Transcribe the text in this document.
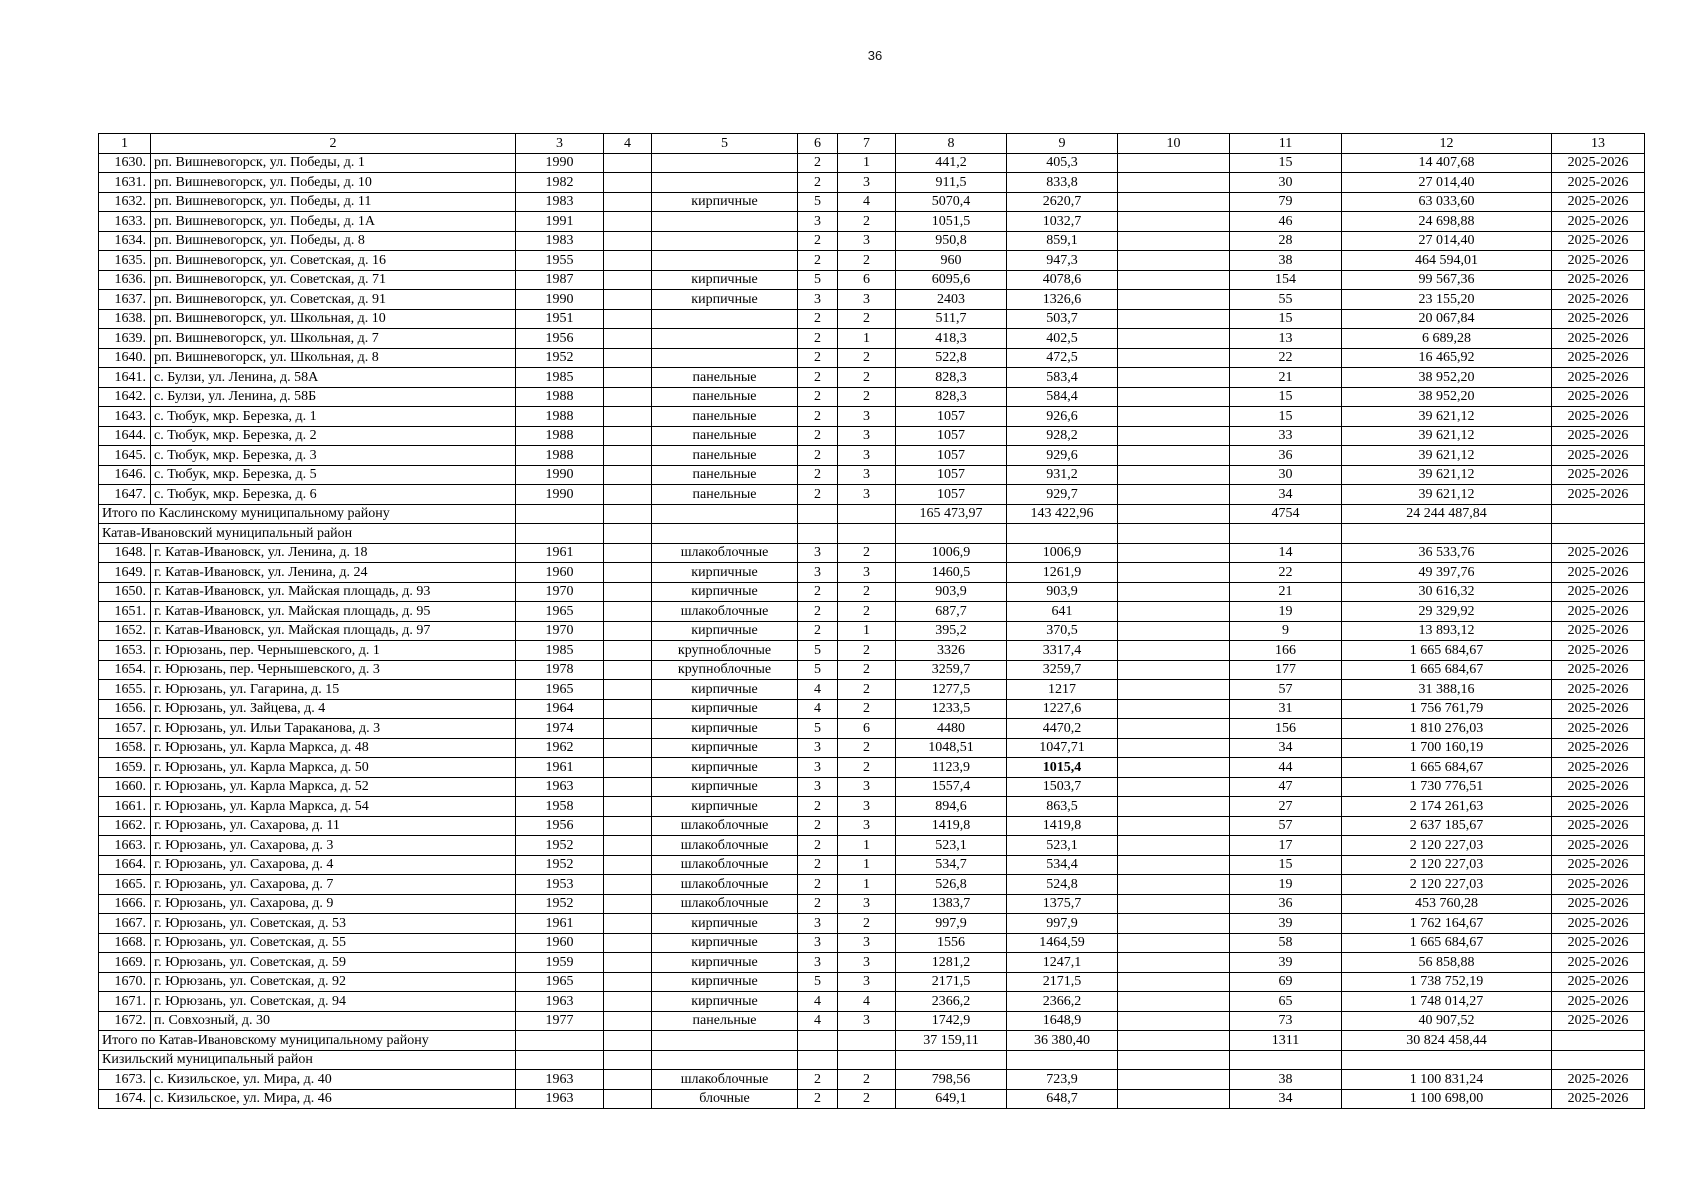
36
1	2	3	4	5	6	7	8	9	10	11	12	13
1630.	рп. Вишневогорск, ул. Победы, д. 1	1990			2	1	441,2	405,3		15	14 407,68	2025-2026
1631.	рп. Вишневогорск, ул. Победы, д. 10	1982			2	3	911,5	833,8		30	27 014,40	2025-2026
1632.	рп. Вишневогорск, ул. Победы, д. 11	1983		кирпичные	5	4	5070,4	2620,7		79	63 033,60	2025-2026
1633.	рп. Вишневогорск, ул. Победы, д. 1А	1991			3	2	1051,5	1032,7		46	24 698,88	2025-2026
1634.	рп. Вишневогорск, ул. Победы, д. 8	1983			2	3	950,8	859,1		28	27 014,40	2025-2026
1635.	рп. Вишневогорск, ул. Советская, д. 16	1955			2	2	960	947,3		38	464 594,01	2025-2026
1636.	рп. Вишневогорск, ул. Советская, д. 71	1987		кирпичные	5	6	6095,6	4078,6		154	99 567,36	2025-2026
1637.	рп. Вишневогорск, ул. Советская, д. 91	1990		кирпичные	3	3	2403	1326,6		55	23 155,20	2025-2026
1638.	рп. Вишневогорск, ул. Школьная, д. 10	1951			2	2	511,7	503,7		15	20 067,84	2025-2026
1639.	рп. Вишневогорск, ул. Школьная, д. 7	1956			2	1	418,3	402,5		13	6 689,28	2025-2026
1640.	рп. Вишневогорск, ул. Школьная, д. 8	1952			2	2	522,8	472,5		22	16 465,92	2025-2026
1641.	с. Булзи, ул. Ленина, д. 58А	1985		панельные	2	2	828,3	583,4		21	38 952,20	2025-2026
1642.	с. Булзи, ул. Ленина, д. 58Б	1988		панельные	2	2	828,3	584,4		15	38 952,20	2025-2026
1643.	с. Тюбук, мкр. Березка, д. 1	1988		панельные	2	3	1057	926,6		15	39 621,12	2025-2026
1644.	с. Тюбук, мкр. Березка, д. 2	1988		панельные	2	3	1057	928,2		33	39 621,12	2025-2026
1645.	с. Тюбук, мкр. Березка, д. 3	1988		панельные	2	3	1057	929,6		36	39 621,12	2025-2026
1646.	с. Тюбук, мкр. Березка, д. 5	1990		панельные	2	3	1057	931,2		30	39 621,12	2025-2026
1647.	с. Тюбук, мкр. Березка, д. 6	1990		панельные	2	3	1057	929,7		34	39 621,12	2025-2026
Итого по Каслинскому муниципальному району							165 473,97	143 422,96		4754	24 244 487,84	
Катав-Ивановский муниципальный район												
1648.	г. Катав-Ивановск, ул. Ленина, д. 18	1961		шлакоблочные	3	2	1006,9	1006,9		14	36 533,76	2025-2026
1649.	г. Катав-Ивановск, ул. Ленина, д. 24	1960		кирпичные	3	3	1460,5	1261,9		22	49 397,76	2025-2026
1650.	г. Катав-Ивановск, ул. Майская площадь, д. 93	1970		кирпичные	2	2	903,9	903,9		21	30 616,32	2025-2026
1651.	г. Катав-Ивановск, ул. Майская площадь, д. 95	1965		шлакоблочные	2	2	687,7	641		19	29 329,92	2025-2026
1652.	г. Катав-Ивановск, ул. Майская площадь, д. 97	1970		кирпичные	2	1	395,2	370,5		9	13 893,12	2025-2026
1653.	г. Юрюзань, пер. Чернышевского, д. 1	1985		крупноблочные	5	2	3326	3317,4		166	1 665 684,67	2025-2026
1654.	г. Юрюзань, пер. Чернышевского, д. 3	1978		крупноблочные	5	2	3259,7	3259,7		177	1 665 684,67	2025-2026
1655.	г. Юрюзань, ул. Гагарина, д. 15	1965		кирпичные	4	2	1277,5	1217		57	31 388,16	2025-2026
1656.	г. Юрюзань, ул. Зайцева, д. 4	1964		кирпичные	4	2	1233,5	1227,6		31	1 756 761,79	2025-2026
1657.	г. Юрюзань, ул. Ильи Тараканова, д. 3	1974		кирпичные	5	6	4480	4470,2		156	1 810 276,03	2025-2026
1658.	г. Юрюзань, ул. Карла Маркса, д. 48	1962		кирпичные	3	2	1048,51	1047,71		34	1 700 160,19	2025-2026
1659.	г. Юрюзань, ул. Карла Маркса, д. 50	1961		кирпичные	3	2	1123,9	1015,4		44	1 665 684,67	2025-2026
1660.	г. Юрюзань, ул. Карла Маркса, д. 52	1963		кирпичные	3	3	1557,4	1503,7		47	1 730 776,51	2025-2026
1661.	г. Юрюзань, ул. Карла Маркса, д. 54	1958		кирпичные	2	3	894,6	863,5		27	2 174 261,63	2025-2026
1662.	г. Юрюзань, ул. Сахарова, д. 11	1956		шлакоблочные	2	3	1419,8	1419,8		57	2 637 185,67	2025-2026
1663.	г. Юрюзань, ул. Сахарова, д. 3	1952		шлакоблочные	2	1	523,1	523,1		17	2 120 227,03	2025-2026
1664.	г. Юрюзань, ул. Сахарова, д. 4	1952		шлакоблочные	2	1	534,7	534,4		15	2 120 227,03	2025-2026
1665.	г. Юрюзань, ул. Сахарова, д. 7	1953		шлакоблочные	2	1	526,8	524,8		19	2 120 227,03	2025-2026
1666.	г. Юрюзань, ул. Сахарова, д. 9	1952		шлакоблочные	2	3	1383,7	1375,7		36	453 760,28	2025-2026
1667.	г. Юрюзань, ул. Советская, д. 53	1961		кирпичные	3	2	997,9	997,9		39	1 762 164,67	2025-2026
1668.	г. Юрюзань, ул. Советская, д. 55	1960		кирпичные	3	3	1556	1464,59		58	1 665 684,67	2025-2026
1669.	г. Юрюзань, ул. Советская, д. 59	1959		кирпичные	3	3	1281,2	1247,1		39	56 858,88	2025-2026
1670.	г. Юрюзань, ул. Советская, д. 92	1965		кирпичные	5	3	2171,5	2171,5		69	1 738 752,19	2025-2026
1671.	г. Юрюзань, ул. Советская, д. 94	1963		кирпичные	4	4	2366,2	2366,2		65	1 748 014,27	2025-2026
1672.	п. Совхозный, д. 30	1977		панельные	4	3	1742,9	1648,9		73	40 907,52	2025-2026
Итого по Катав-Ивановскому муниципальному району							37 159,11	36 380,40		1311	30 824 458,44	
Кизильский муниципальный район												
1673.	с. Кизильское, ул. Мира, д. 40	1963		шлакоблочные	2	2	798,56	723,9		38	1 100 831,24	2025-2026
1674.	с. Кизильское, ул. Мира, д. 46	1963		блочные	2	2	649,1	648,7		34	1 100 698,00	2025-2026
